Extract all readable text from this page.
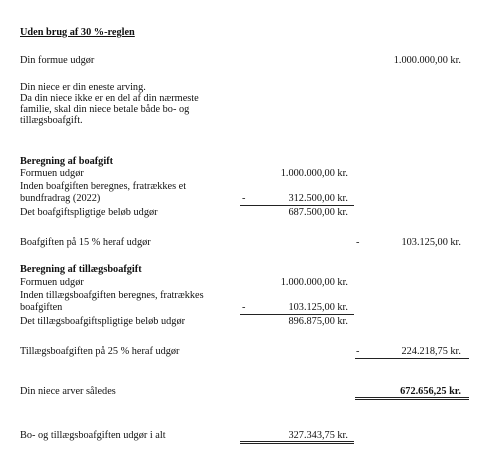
Uden brug af 30 %-reglen
Din formue udgør	1.000.000,00 kr.
Din niece er din eneste arving.
Da din niece ikke er en del af din nærmeste
familie, skal din niece betale både bo- og
tillægsboafgift.
Beregning af boafgift
Formuen udgør	1.000.000,00 kr.
Inden boafgiften beregnes, fratrækkes et
bundfradrag (2022)	-	312.500,00 kr.
Det boafgiftspligtige beløb udgør	687.500,00 kr.
Boafgiften på 15 % heraf udgør	-	103.125,00 kr.
Beregning af tillægsboafgift
Formuen udgør	1.000.000,00 kr.
Inden tillægsboafgiften beregnes, fratrækkes
boafgiften	-	103.125,00 kr.
Det tillægsboafgiftspligtige beløb udgør	896.875,00 kr.
Tillægsboafgiften på 25 % heraf udgør	-	224.218,75 kr.
Din niece arver således	672.656,25 kr.
Bo- og tillægsboafgiften udgør i alt	327.343,75 kr.
